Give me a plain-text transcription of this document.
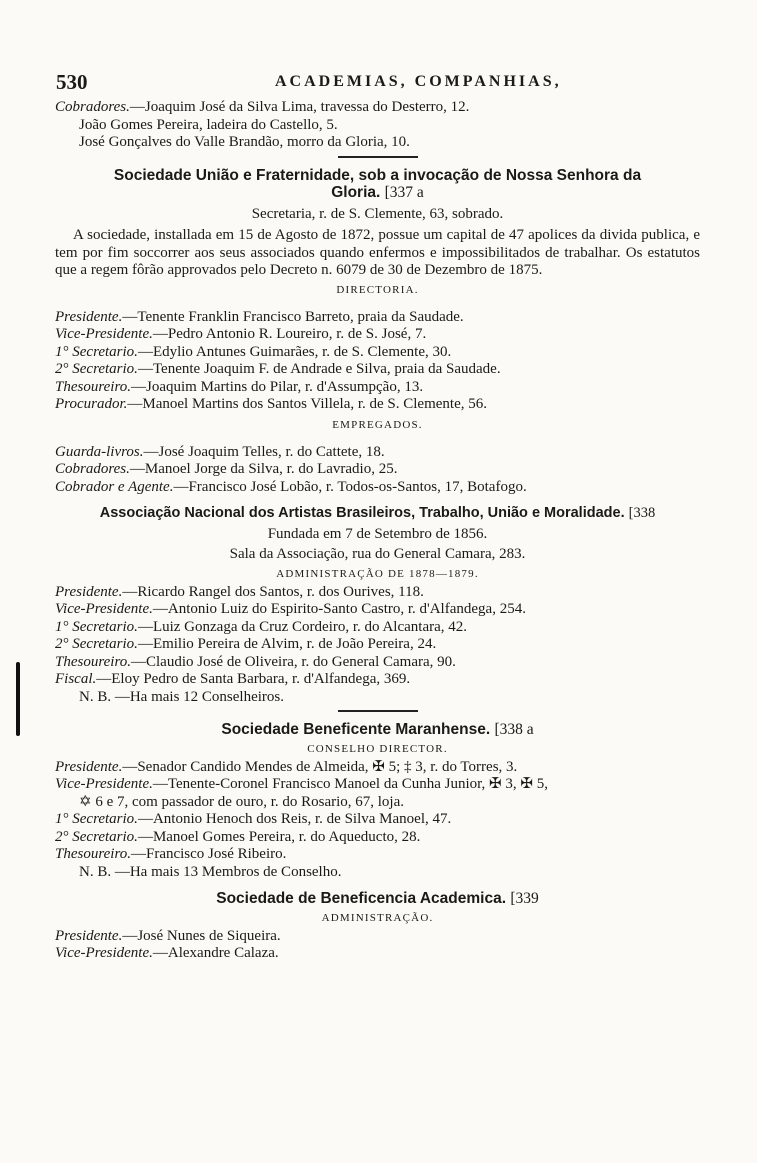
530	ACADEMIAS, COMPANHIAS,

Cobradores.—Joaquim José da Silva Lima, travessa do Desterro, 12.

João Gomes Pereira, ladeira do Castello, 5.

José Gonçalves do Valle Brandão, morro da Gloria, 10.

Sociedade União e Fraternidade, sob a invocação de Nossa Senhora da

Gloria. [337 a

Secretaria, r. de S. Clemente, 63, sobrado.

A sociedade, installada em 15 de Agosto de 1872, possue um capital de 47 apolices da divida publica, e tem por fim soccorrer aos seus associados quando enfermos e impossibilitados de trabalhar. Os estatutos que a regem fôrão approvados pelo Decreto n. 6079 de 30 de Dezembro de 1875.

DIRECTORIA.

Presidente.—Tenente Franklin Francisco Barreto, praia da Saudade.

Vice-Presidente.—Pedro Antonio R. Loureiro, r. de S. José, 7.

1° Secretario.—Edylio Antunes Guimarães, r. de S. Clemente, 30.

2° Secretario.—Tenente Joaquim F. de Andrade e Silva, praia da Saudade.

Thesoureiro.—Joaquim Martins do Pilar, r. d'Assumpção, 13.

Procurador.—Manoel Martins dos Santos Villela, r. de S. Clemente, 56.

EMPREGADOS.

Guarda-livros.—José Joaquim Telles, r. do Cattete, 18.

Cobradores.—Manoel Jorge da Silva, r. do Lavradio, 25.

Cobrador e Agente.—Francisco José Lobão, r. Todos-os-Santos, 17, Botafogo.

Associação Nacional dos Artistas Brasileiros, Trabalho, União e Moralidade. [338

Fundada em 7 de Setembro de 1856.

Sala da Associação, rua do General Camara, 283.

ADMINISTRAÇÃO DE 1878—1879.

Presidente.—Ricardo Rangel dos Santos, r. dos Ourives, 118.

Vice-Presidente.—Antonio Luiz do Espirito-Santo Castro, r. d'Alfandega, 254.

1° Secretario.—Luiz Gonzaga da Cruz Cordeiro, r. do Alcantara, 42.

2° Secretario.—Emilio Pereira de Alvim, r. de João Pereira, 24.

Thesoureiro.—Claudio José de Oliveira, r. do General Camara, 90.

Fiscal.—Eloy Pedro de Santa Barbara, r. d'Alfandega, 369.

N. B. —Ha mais 12 Conselheiros.

Sociedade Beneficente Maranhense. [338 a

CONSELHO DIRECTOR.

Presidente.—Senador Candido Mendes de Almeida, ✠ 5; ‡ 3, r. do Torres, 3.

Vice-Presidente.—Tenente-Coronel Francisco Manoel da Cunha Junior, ✠ 3, ✠ 5,

✡ 6 e 7, com passador de ouro, r. do Rosario, 67, loja.

1° Secretario.—Antonio Henoch dos Reis, r. de Silva Manoel, 47.

2° Secretario.—Manoel Gomes Pereira, r. do Aqueducto, 28.

Thesoureiro.—Francisco José Ribeiro.

N. B. —Ha mais 13 Membros de Conselho.

Sociedade de Beneficencia Academica. [339

ADMINISTRAÇÃO.

Presidente.—José Nunes de Siqueira.

Vice-Presidente.—Alexandre Calaza.
